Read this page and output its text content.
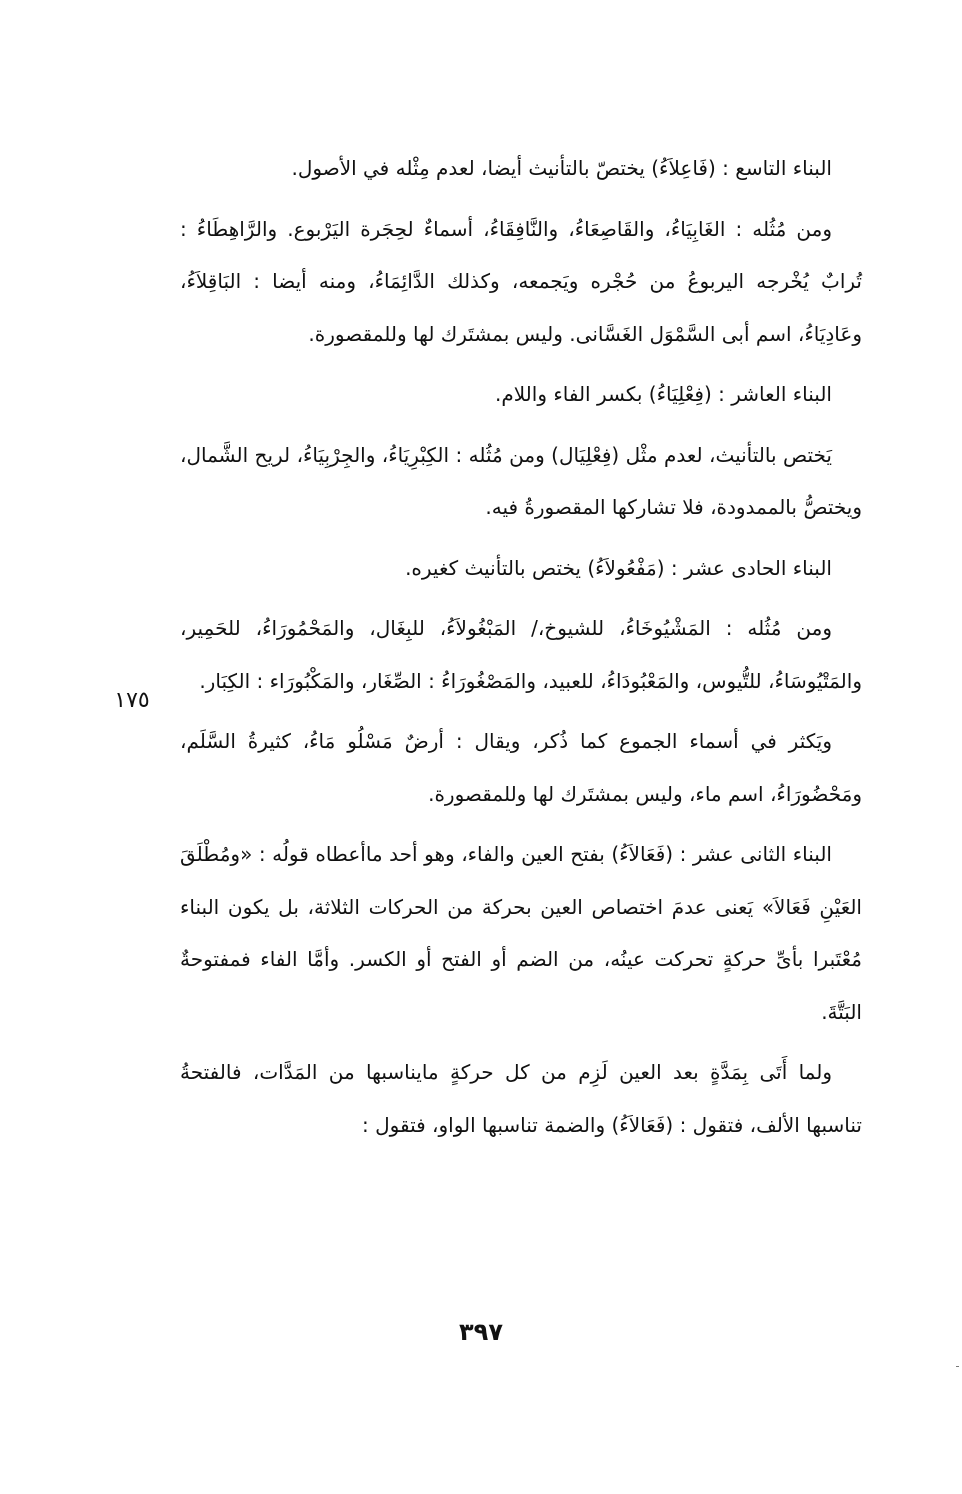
البناء التاسع : (فَاعِلاَءُ) يختصّ بالتأنيث أيضا، لعدم مِثْله في الأصول.

ومن مُثُله : الغَابِيَاءُ، والقَاصِعَاءُ، والنَّافِقَاءُ، أسماءٌ لحِجَرة اليَرْبوع. والرَّاهِطَاءُ : تُرابٌ يُخْرجه اليربوعُ من حُجْره ويَجمعه، وكذلك الدَّائِمَاءُ، ومنه أيضا : البَاقِلاَءُ، وعَادِيَاءُ، اسم أبى السَّمْوَل الغَسَّانى. وليس بمشتَرك لها وللمقصورة.

البناء العاشر : (فِعْلِيَاءُ) بكسر الفاء واللام.

يَختص بالتأنيث، لعدم مثْل (فِعْلِيَال) ومن مُثُله : الكِبْرِيَاءُ، والجِرْبِيَاءُ، لريح الشَّمال، ويختصُّ بالممدودة، فلا تشاركها المقصورةُ فيه.

البناء الحادى عشر : (مَفْعُولاَءُ) يختص بالتأنيث كغيره.

ومن مُثُله : المَشْيُوخَاءُ، للشيوخ،/ المَبْغُولاَءُ، للبِغَال، والمَحْمُورَاءُ، للحَمِير، والمَتْيُوسَاءُ، للتُّيوس، والمَعْبُودَاءُ، للعبيد، والمَصْغُورَاءُ : الصِّغَار، والمَكْبُورَاء : الكِبَار.

ويَكثر في أسماء الجموع كما ذُكر، ويقال : أرضٌ مَسْلُو مَاءُ، كثيرةُ السَّلَم، ومَحْضُورَاءُ، اسم ماء، وليس بمشتَرك لها وللمقصورة.

البناء الثانى عشر : (فَعَالاَءُ) بفتح العين والفاء، وهو أحد ماأعطاه قولُه : «ومُطْلَقَ العَيْنِ فَعَالاَ» يَعنى عدمَ اختصاص العين بحركة من الحركات الثلاثة، بل يكون البناء مُعْتَبرا بأىِّ حركةٍ تحركت عينُه، من الضم أو الفتح أو الكسر. وأمَّا الفاء فمفتوحةٌ البَتَّةَ.

ولما أَتَى بِمَدَّةٍ بعد العين لَزِم من كل حركةٍ مايناسبها من المَدَّات، فالفتحةُ تناسبها الألف، فتقول : (فَعَالاَءُ) والضمة تناسبها الواو، فتقول :

١٧٥
٣٩٧
